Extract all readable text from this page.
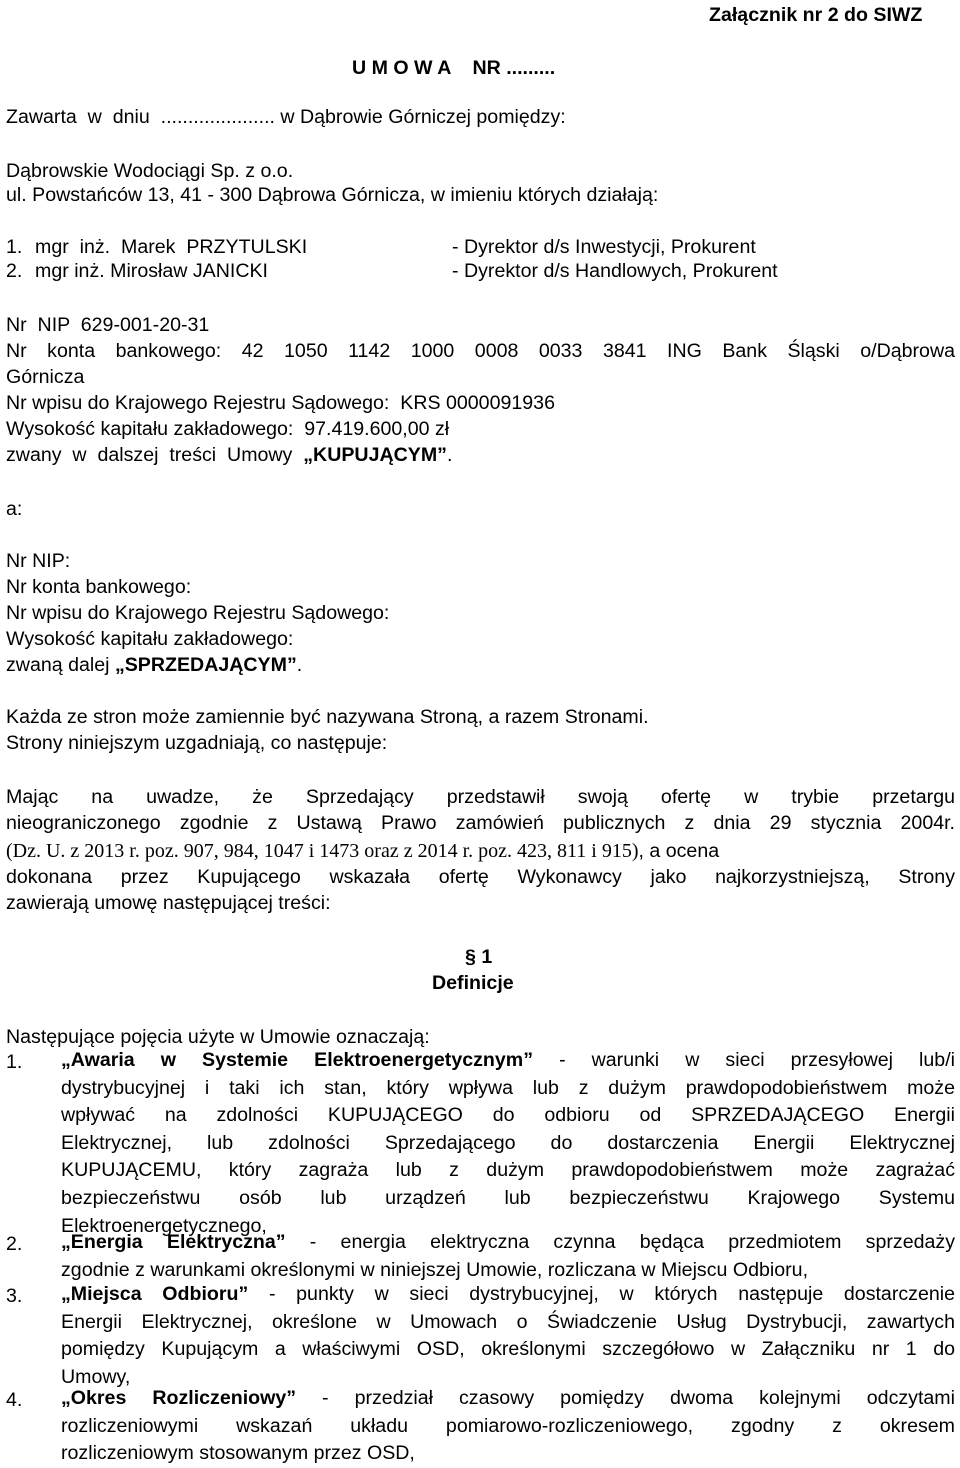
Załącznik nr 2 do SIWZ
U M O W A    NR .........
Zawarta  w  dniu  ..................... w Dąbrowie Górniczej pomiędzy:
Dąbrowskie Wodociągi Sp. z o.o.
ul. Powstańców 13, 41 - 300 Dąbrowa Górnicza, w imieniu których działają:
1. mgr  inż.  Marek  PRZYTULSKI	- Dyrektor d/s Inwestycji, Prokurent
2. mgr inż. Mirosław JANICKI	- Dyrektor d/s Handlowych, Prokurent
Nr  NIP  629-001-20-31
Nr  konta  bankowego:  42  1050  1142  1000  0008  0033  3841  ING  Bank  Śląski  o/Dąbrowa
Górnicza
Nr wpisu do Krajowego Rejestru Sądowego:  KRS 0000091936
Wysokość kapitału zakładowego:  97.419.600,00 zł
zwany  w  dalszej  treści  Umowy  „KUPUJĄCYM”.
a:
Nr NIP:
Nr konta bankowego:
Nr wpisu do Krajowego Rejestru Sądowego:
Wysokość kapitału zakładowego:
zwaną dalej „SPRZEDAJĄCYM”.
Każda ze stron może zamiennie być nazywana Stroną, a razem Stronami.
Strony niniejszym uzgadniają, co następuje:
Mając  na  uwadze,  że  Sprzedający  przedstawił  swoją  ofertę  w  trybie  przetargu
nieograniczonego zgodnie z Ustawą Prawo zamówień publicznych z dnia 29 stycznia 2004r.
(Dz. U. z 2013 r. poz. 907, 984, 1047 i 1473 oraz z 2014 r. poz. 423, 811 i 915), a ocena
dokonana przez Kupującego wskazała ofertę Wykonawcy jako najkorzystniejszą, Strony
zawierają umowę następującej treści:
§ 1
Definicje
Następujące pojęcia użyte w Umowie oznaczają:
1. „Awaria w Systemie Elektroenergetycznym” - warunki w sieci przesyłowej lub/i
dystrybucyjnej i taki ich stan, który wpływa lub z dużym prawdopodobieństwem może
wpływać na zdolności KUPUJĄCEGO do odbioru od SPRZEDAJĄCEGO Energii
Elektrycznej, lub zdolności Sprzedającego do dostarczenia Energii Elektrycznej
KUPUJĄCEMU, który zagraża lub z dużym prawdopodobieństwem może zagrażać
bezpieczeństwu osób lub urządzeń lub bezpieczeństwu Krajowego Systemu
Elektroenergetycznego,
2. „Energia Elektryczna” - energia elektryczna czynna będąca przedmiotem sprzedaży
zgodnie z warunkami określonymi w niniejszej Umowie, rozliczana w Miejscu Odbioru,
3. „Miejsca Odbioru” - punkty w sieci dystrybucyjnej, w których następuje dostarczenie
Energii Elektrycznej, określone w Umowach o Świadczenie Usług Dystrybucji, zawartych
pomiędzy Kupującym a właściwymi OSD, określonymi szczegółowo w Załączniku nr 1 do
Umowy,
4. „Okres Rozliczeniowy” - przedział czasowy pomiędzy dwoma kolejnymi odczytami
rozliczeniowymi wskazań układu pomiarowo-rozliczeniowego, zgodny z okresem
rozliczeniowym stosowanym przez OSD,
